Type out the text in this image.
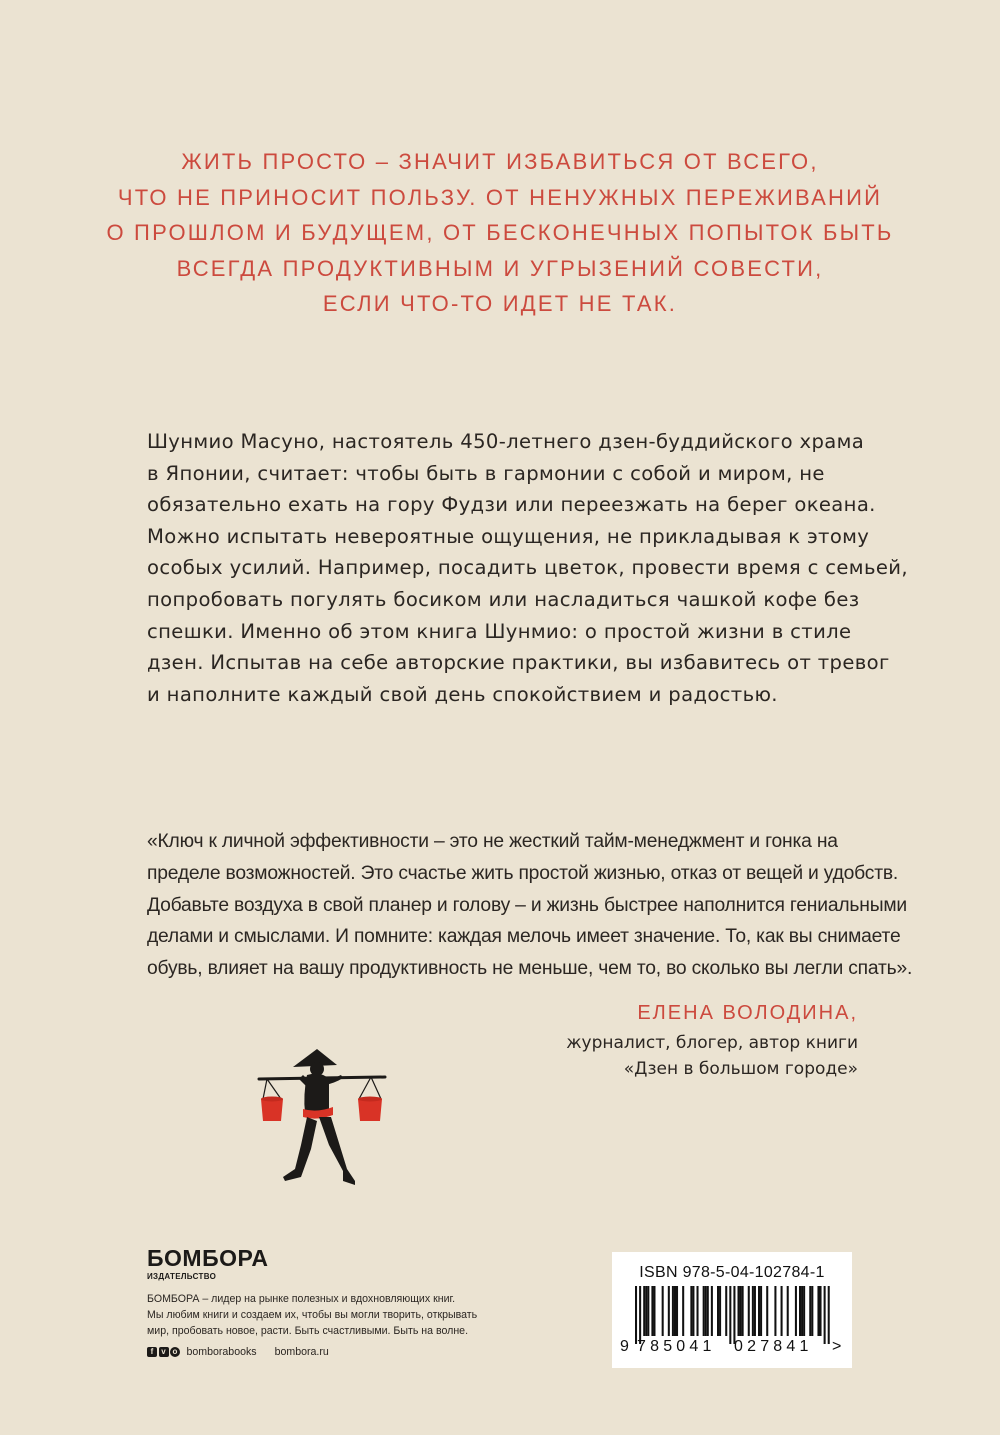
ЖИТЬ ПРОСТО – ЗНАЧИТ ИЗБАВИТЬСЯ ОТ ВСЕГО,
ЧТО НЕ ПРИНОСИТ ПОЛЬЗУ. ОТ НЕНУЖНЫХ ПЕРЕЖИВАНИЙ
О ПРОШЛОМ И БУДУЩЕМ, ОТ БЕСКОНЕЧНЫХ ПОПЫТОК БЫТЬ
ВСЕГДА ПРОДУКТИВНЫМ И УГРЫЗЕНИЙ СОВЕСТИ,
ЕСЛИ ЧТО-ТО ИДЕТ НЕ ТАК.
Шунмио Масуно, настоятель 450-летнего дзен-буддийского храма
в Японии, считает: чтобы быть в гармонии с собой и миром, не
обязательно ехать на гору Фудзи или переезжать на берег океана.
Можно испытать невероятные ощущения, не прикладывая к этому
особых усилий. Например, посадить цветок, провести время с семьей,
попробовать погулять босиком или насладиться чашкой кофе без
спешки. Именно об этом книга Шунмио: о простой жизни в стиле
дзен. Испытав на себе авторские практики, вы избавитесь от тревог
и наполните каждый свой день спокойствием и радостью.
«Ключ к личной эффективности – это не жесткий тайм-менеджмент и гонка на
пределе возможностей. Это счастье жить простой жизнью, отказ от вещей и удобств.
Добавьте воздуха в свой планер и голову – и жизнь быстрее наполнится гениальными
делами и смыслами. И помните: каждая мелочь имеет значение. То, как вы снимаете
обувь, влияет на вашу продуктивность не меньше, чем то, во сколько вы легли спать».
ЕЛЕНА ВОЛОДИНА,
журналист, блогер, автор книги
«Дзен в большом городе»
БОМБОРА
ИЗДАТЕЛЬСТВО
БОМБОРА – лидер на рынке полезных и вдохновляющих книг.
Мы любим книги и создаем их, чтобы вы могли творить, открывать
мир, пробовать новое, расти. Быть счастливыми. Быть на волне.
f v o bomborabooks bombora.ru
ISBN 978-5-04-102784-1
9 785041 027841 >
